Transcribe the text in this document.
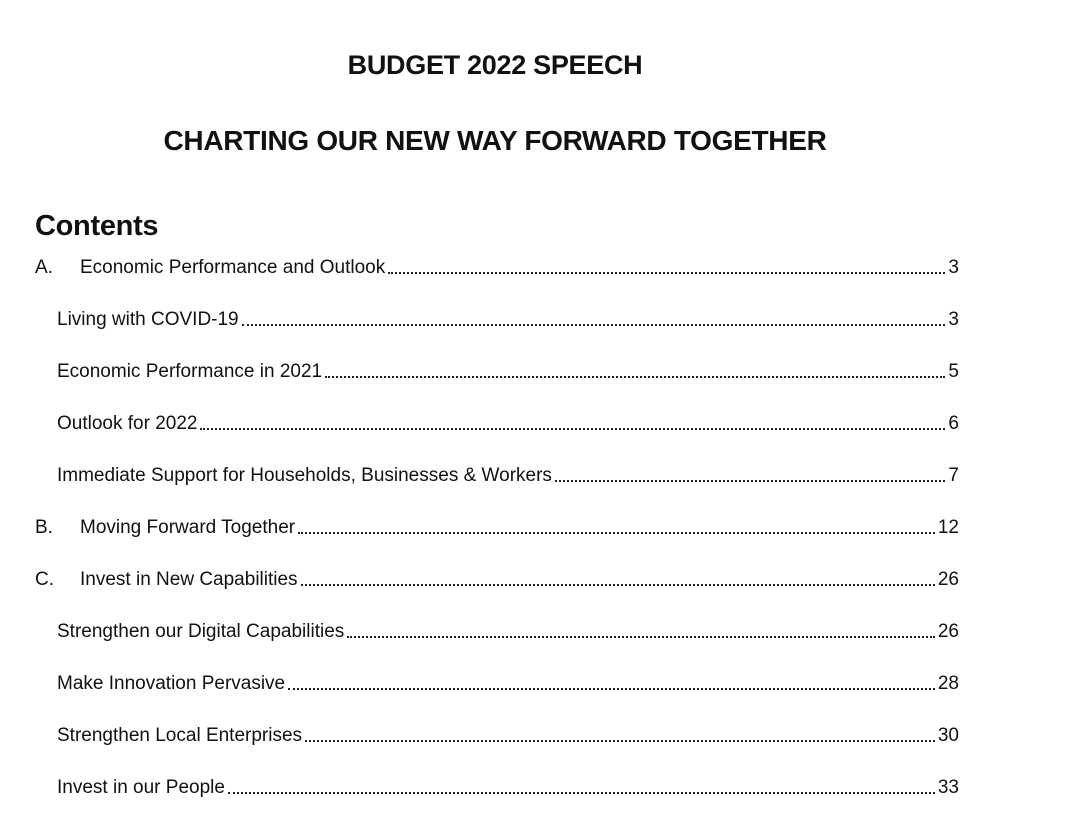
BUDGET 2022 SPEECH
CHARTING OUR NEW WAY FORWARD TOGETHER
Contents
A.	Economic Performance and Outlook	3
Living with COVID-19	3
Economic Performance in 2021	5
Outlook for 2022	6
Immediate Support for Households, Businesses & Workers	7
B.	Moving Forward Together	12
C.	Invest in New Capabilities	26
Strengthen our Digital Capabilities	26
Make Innovation Pervasive	28
Strengthen Local Enterprises	30
Invest in our People	33
